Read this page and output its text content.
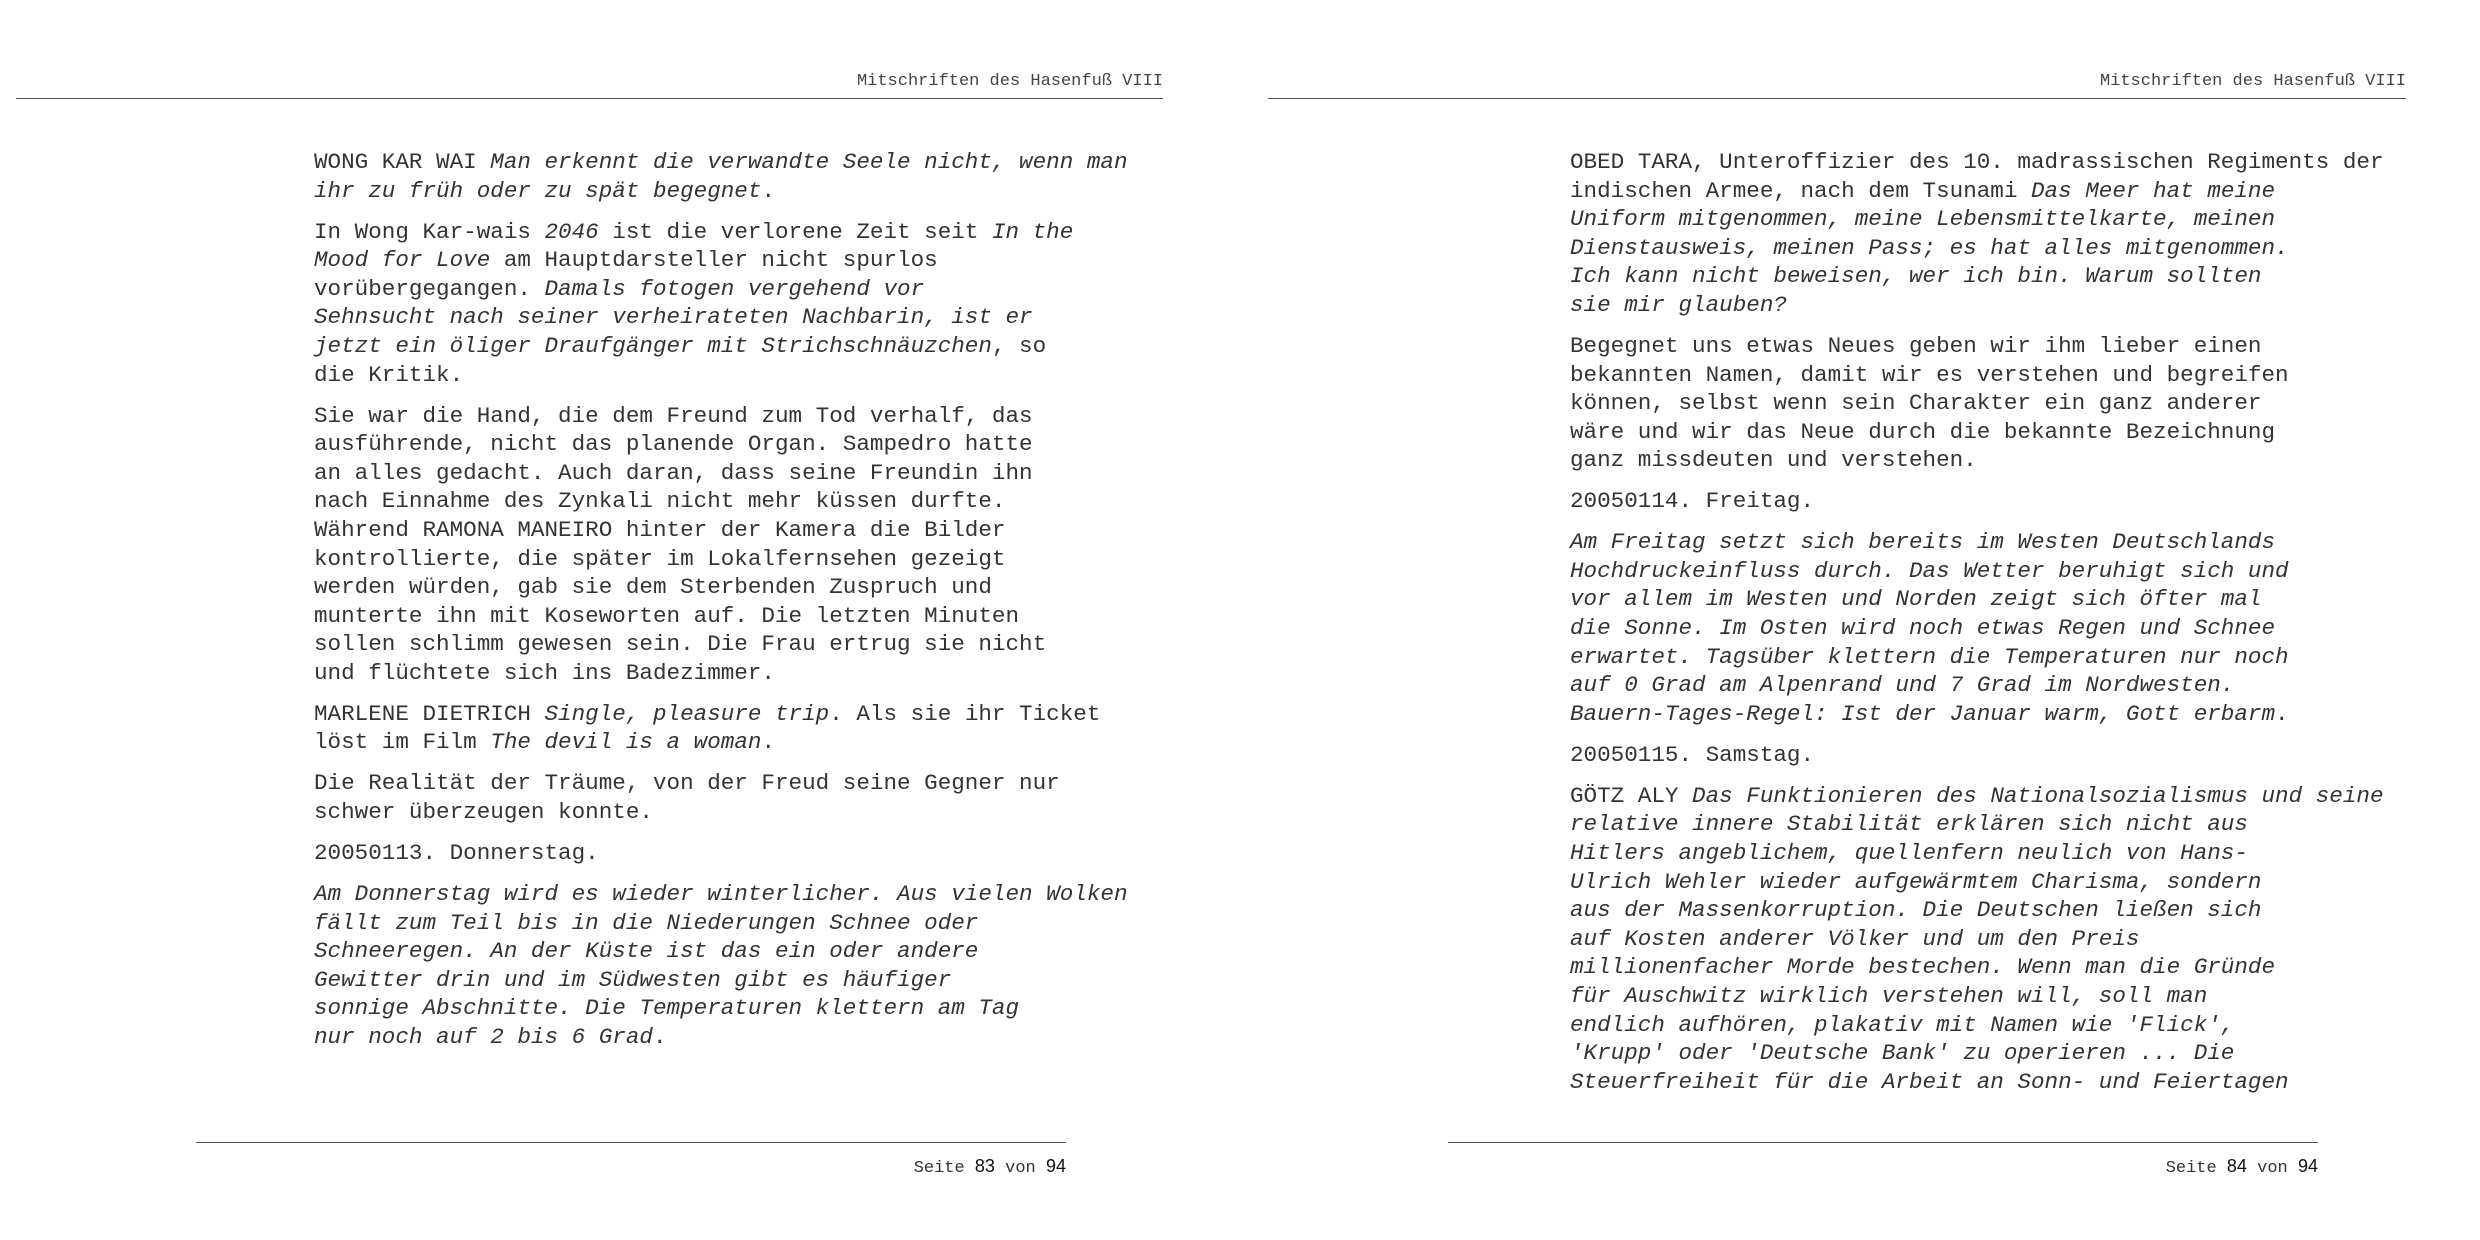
Mitschriften des Hasenfuß VIII
WONG KAR WAI Man erkennt die verwandte Seele nicht, wenn man
ihr zu früh oder zu spät begegnet.
In Wong Kar-wais 2046 ist die verlorene Zeit seit In the
Mood for Love am Hauptdarsteller nicht spurlos
vorübergegangen. Damals fotogen vergehend vor
Sehnsucht nach seiner verheirateten Nachbarin, ist er
jetzt ein öliger Draufgänger mit Strichschnäuzchen, so
die Kritik.
Sie war die Hand, die dem Freund zum Tod verhalf, das
ausführende, nicht das planende Organ. Sampedro hatte
an alles gedacht. Auch daran, dass seine Freundin ihn
nach Einnahme des Zynkali nicht mehr küssen durfte.
Während RAMONA MANEIRO hinter der Kamera die Bilder
kontrollierte, die später im Lokalfernsehen gezeigt
werden würden, gab sie dem Sterbenden Zuspruch und
munterte ihn mit Koseworten auf. Die letzten Minuten
sollen schlimm gewesen sein. Die Frau ertrug sie nicht
und flüchtete sich ins Badezimmer.
MARLENE DIETRICH Single, pleasure trip. Als sie ihr Ticket
löst im Film The devil is a woman.
Die Realität der Träume, von der Freud seine Gegner nur
schwer überzeugen konnte.
20050113. Donnerstag.
Am Donnerstag wird es wieder winterlicher. Aus vielen Wolken
fällt zum Teil bis in die Niederungen Schnee oder
Schneeregen. An der Küste ist das ein oder andere
Gewitter drin und im Südwesten gibt es häufiger
sonnige Abschnitte. Die Temperaturen klettern am Tag
nur noch auf 2 bis 6 Grad.
Seite 83 von 94
Mitschriften des Hasenfuß VIII
OBED TARA, Unteroffizier des 10. madrassischen Regiments der
indischen Armee, nach dem Tsunami Das Meer hat meine
Uniform mitgenommen, meine Lebensmittelkarte, meinen
Dienstausweis, meinen Pass; es hat alles mitgenommen.
Ich kann nicht beweisen, wer ich bin. Warum sollten
sie mir glauben?
Begegnet uns etwas Neues geben wir ihm lieber einen
bekannten Namen, damit wir es verstehen und begreifen
können, selbst wenn sein Charakter ein ganz anderer
wäre und wir das Neue durch die bekannte Bezeichnung
ganz missdeuten und verstehen.
20050114. Freitag.
Am Freitag setzt sich bereits im Westen Deutschlands
Hochdruckeinfluss durch. Das Wetter beruhigt sich und
vor allem im Westen und Norden zeigt sich öfter mal
die Sonne. Im Osten wird noch etwas Regen und Schnee
erwartet. Tagsüber klettern die Temperaturen nur noch
auf 0 Grad am Alpenrand und 7 Grad im Nordwesten.
Bauern-Tages-Regel: Ist der Januar warm, Gott erbarm.
20050115. Samstag.
GÖTZ ALY Das Funktionieren des Nationalsozialismus und seine
relative innere Stabilität erklären sich nicht aus
Hitlers angeblichem, quellenfern neulich von Hans-
Ulrich Wehler wieder aufgewärmtem Charisma, sondern
aus der Massenkorruption. Die Deutschen ließen sich
auf Kosten anderer Völker und um den Preis
millionenfacher Morde bestechen. Wenn man die Gründe
für Auschwitz wirklich verstehen will, soll man
endlich aufhören, plakativ mit Namen wie 'Flick',
'Krupp' oder 'Deutsche Bank' zu operieren ... Die
Steuerfreiheit für die Arbeit an Sonn- und Feiertagen
Seite 84 von 94
